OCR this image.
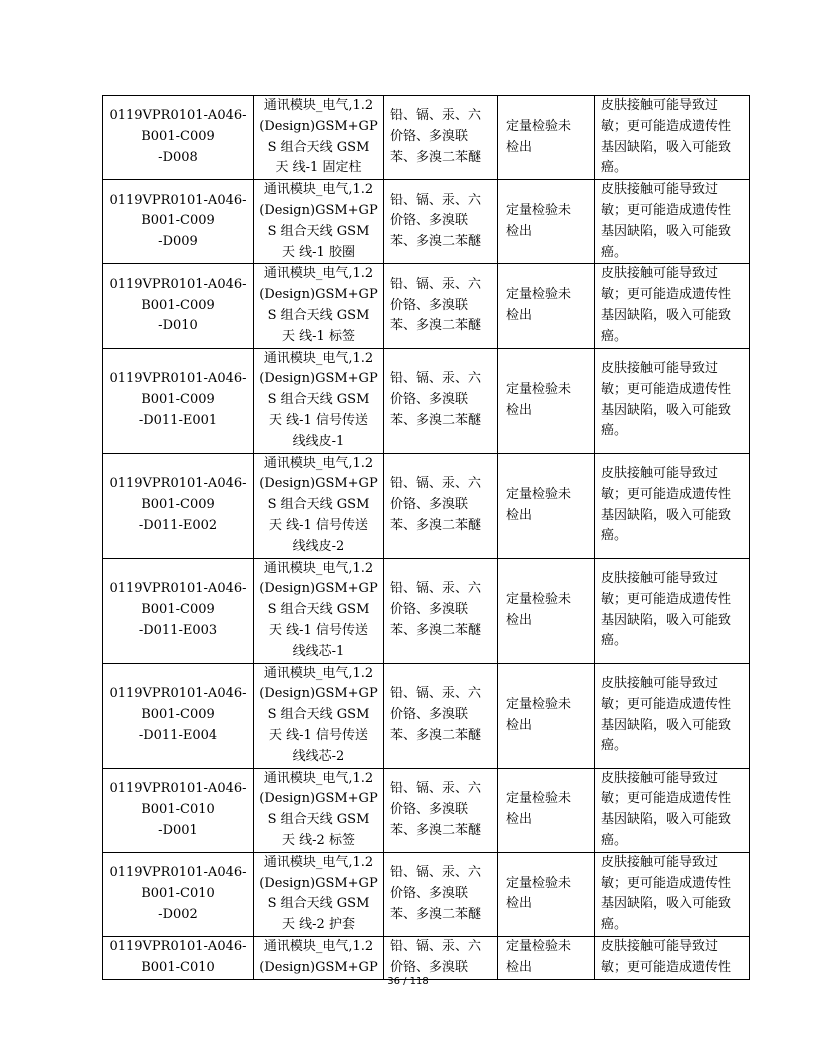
0119VPR0101-A046-
B001-C009
-D008	通讯模块_电气,1.2
(Design)GSM+GP
S 组合天线 GSM
天 线-1 固定柱	铅、镉、汞、六
价铬、多溴联
苯、多溴二苯醚	定量检验未
检出	皮肤接触可能导致过
敏；更可能造成遗传性
基因缺陷，吸入可能致
癌。

0119VPR0101-A046-
B001-C009
-D009	通讯模块_电气,1.2
(Design)GSM+GP
S 组合天线 GSM
天 线-1 胶圈	铅、镉、汞、六
价铬、多溴联
苯、多溴二苯醚	定量检验未
检出	皮肤接触可能导致过
敏；更可能造成遗传性
基因缺陷，吸入可能致
癌。

0119VPR0101-A046-
B001-C009
-D010	通讯模块_电气,1.2
(Design)GSM+GP
S 组合天线 GSM
天 线-1 标签	铅、镉、汞、六
价铬、多溴联
苯、多溴二苯醚	定量检验未
检出	皮肤接触可能导致过
敏；更可能造成遗传性
基因缺陷，吸入可能致
癌。

0119VPR0101-A046-
B001-C009
-D011-E001	通讯模块_电气,1.2
(Design)GSM+GP
S 组合天线 GSM
天 线-1 信号传送
线线皮-1	铅、镉、汞、六
价铬、多溴联
苯、多溴二苯醚	定量检验未
检出	皮肤接触可能导致过
敏；更可能造成遗传性
基因缺陷，吸入可能致
癌。

0119VPR0101-A046-
B001-C009
-D011-E002	通讯模块_电气,1.2
(Design)GSM+GP
S 组合天线 GSM
天 线-1 信号传送
线线皮-2	铅、镉、汞、六
价铬、多溴联
苯、多溴二苯醚	定量检验未
检出	皮肤接触可能导致过
敏；更可能造成遗传性
基因缺陷，吸入可能致
癌。

0119VPR0101-A046-
B001-C009
-D011-E003	通讯模块_电气,1.2
(Design)GSM+GP
S 组合天线 GSM
天 线-1 信号传送
线线芯-1	铅、镉、汞、六
价铬、多溴联
苯、多溴二苯醚	定量检验未
检出	皮肤接触可能导致过
敏；更可能造成遗传性
基因缺陷，吸入可能致
癌。

0119VPR0101-A046-
B001-C009
-D011-E004	通讯模块_电气,1.2
(Design)GSM+GP
S 组合天线 GSM
天 线-1 信号传送
线线芯-2	铅、镉、汞、六
价铬、多溴联
苯、多溴二苯醚	定量检验未
检出	皮肤接触可能导致过
敏；更可能造成遗传性
基因缺陷，吸入可能致
癌。

0119VPR0101-A046-
B001-C010
-D001	通讯模块_电气,1.2
(Design)GSM+GP
S 组合天线 GSM
天 线-2 标签	铅、镉、汞、六
价铬、多溴联
苯、多溴二苯醚	定量检验未
检出	皮肤接触可能导致过
敏；更可能造成遗传性
基因缺陷，吸入可能致
癌。

0119VPR0101-A046-
B001-C010
-D002	通讯模块_电气,1.2
(Design)GSM+GP
S 组合天线 GSM
天 线-2 护套	铅、镉、汞、六
价铬、多溴联
苯、多溴二苯醚	定量检验未
检出	皮肤接触可能导致过
敏；更可能造成遗传性
基因缺陷，吸入可能致
癌。

0119VPR0101-A046-
B001-C010	通讯模块_电气,1.2
(Design)GSM+GP	铅、镉、汞、六
价铬、多溴联	定量检验未
检出	皮肤接触可能导致过
敏；更可能造成遗传性
36 / 118
